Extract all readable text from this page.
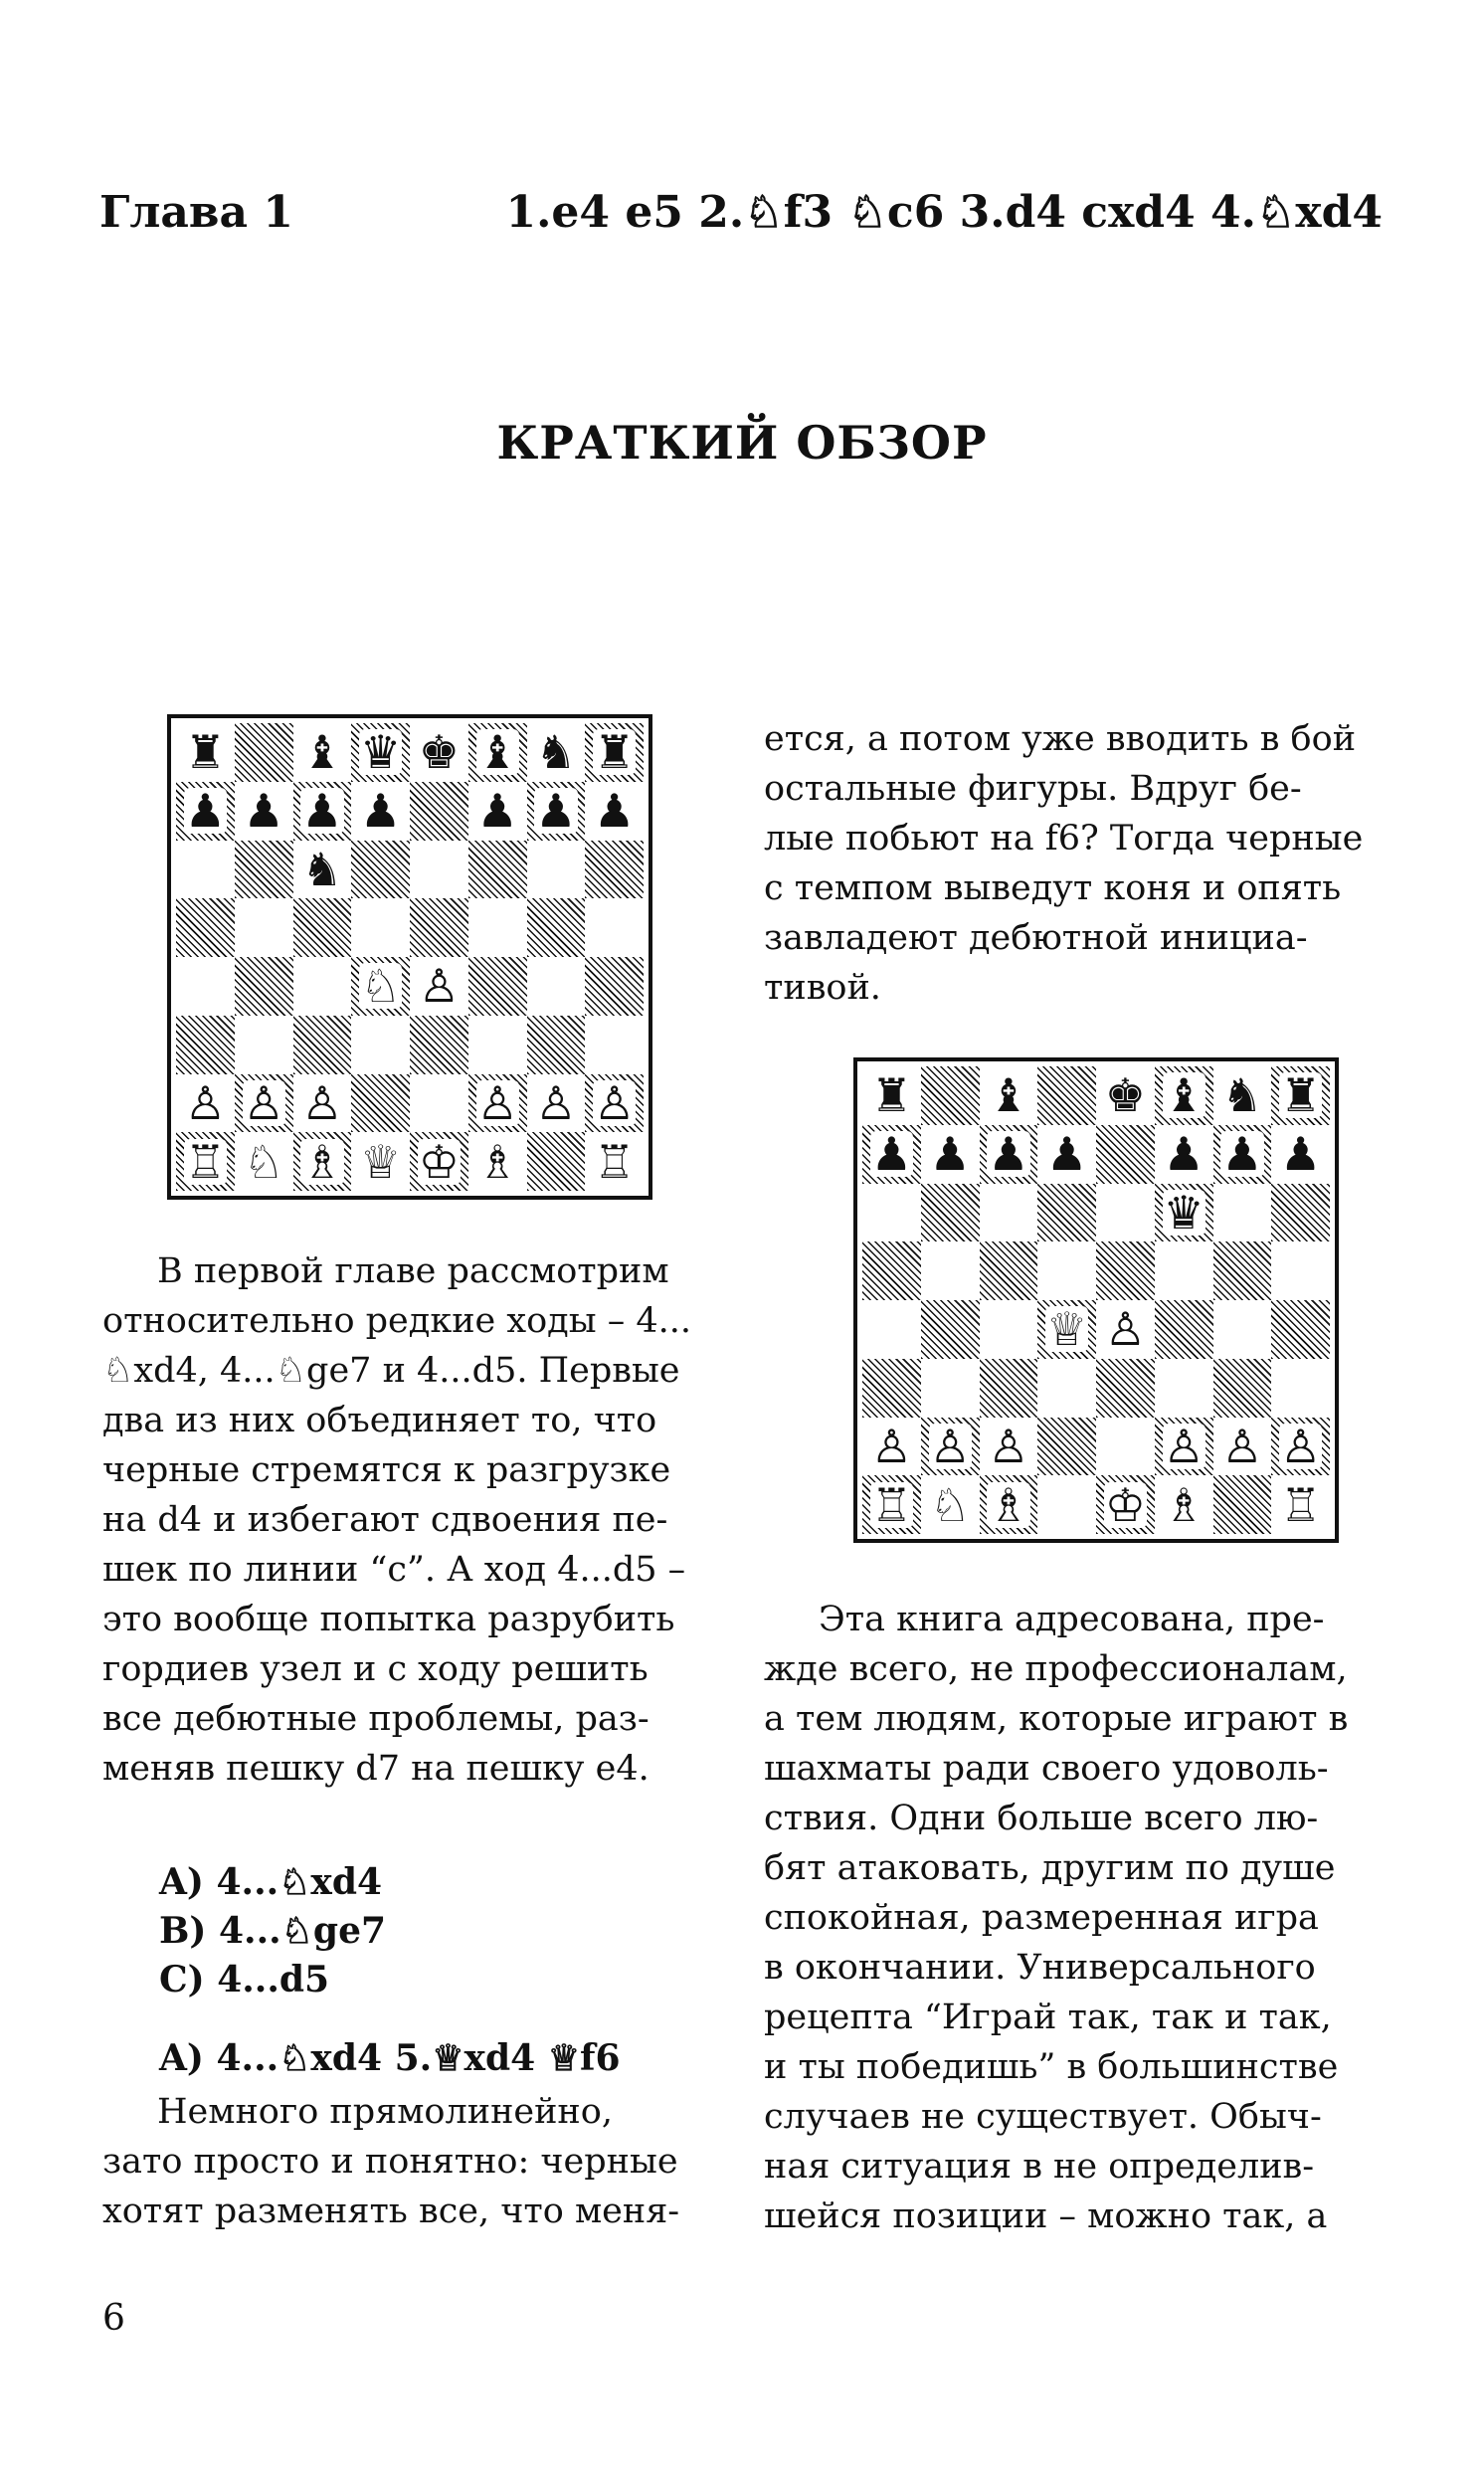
Глава 1	1.e4 e5 2.♘f3 ♘c6 3.d4 cxd4 4.♘xd4
КРАТКИЙ ОБЗОР
♜ ♝ ♛ ♚ ♝ ♞ ♜
♟ ♟ ♟ ♟ ♟ ♟ ♟
♞
♘ ♙
♙ ♙ ♙	♙ ♙ ♙
♖ ♘ ♗ ♕ ♔ ♗ ♖
♜ ♝ ♚ ♝ ♞ ♜
♟ ♟ ♟ ♟ ♟ ♟ ♟
♛
♕ ♙
♙ ♙ ♙	♙ ♙ ♙
♖ ♘ ♗ ♔ ♗ ♖

В первой главе рассмотрим

относительно редкие ходы – 4...

♘xd4, 4...♘ge7 и 4...d5. Первые

два из них объединяет то, что

черные стремятся к разгрузке

на d4 и избегают сдвоения пе-

шек по линии “c”. А ход 4...d5 –

это вообще попытка разрубить

гордиев узел и с ходу решить

все дебютные проблемы, раз-

меняв пешку d7 на пешку е4.

A) 4...♘xd4
B) 4...♘ge7
C) 4...d5
A) 4...♘xd4 5.♕xd4 ♕f6

Немного прямолинейно,

зато просто и понятно: черные

хотят разменять все, что меня-

ется, а потом уже вводить в бой

остальные фигуры. Вдруг бе-

лые побьют на f6? Тогда черные

с темпом выведут коня и опять

завладеют дебютной инициа-

тивой.

Эта книга адресована, пре-

жде всего, не профессионалам,

а тем людям, которые играют в

шахматы ради своего удоволь-

ствия. Одни больше всего лю-

бят атаковать, другим по душе

спокойная, размеренная игра

в окончании. Универсального

рецепта “Играй так, так и так,

и ты победишь” в большинстве

случаев не существует. Обыч-

ная ситуация в не определив-

шейся позиции – можно так, а

6
